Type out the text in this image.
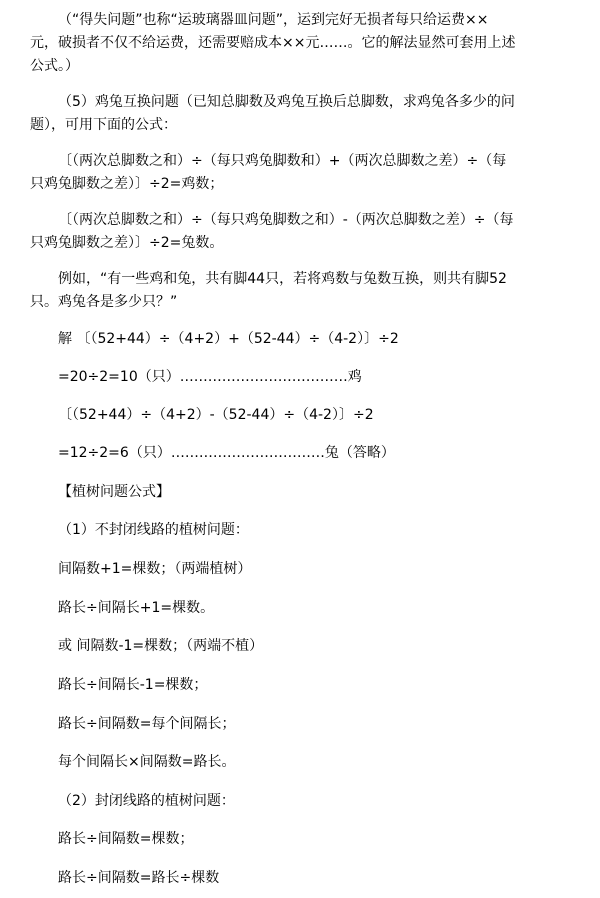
（“得失问题”也称“运玻璃器皿问题”，运到完好无损者每只给运费××
元，破损者不仅不给运费，还需要赔成本××元……。它的解法显然可套用上述
公式。）
（5）鸡兔互换问题（已知总脚数及鸡兔互换后总脚数，求鸡兔各多少的问
题），可用下面的公式：
〔（两次总脚数之和）÷（每只鸡兔脚数和）+（两次总脚数之差）÷（每
只鸡兔脚数之差）〕÷2=鸡数；
〔（两次总脚数之和）÷（每只鸡兔脚数之和）-（两次总脚数之差）÷（每
只鸡兔脚数之差）〕÷2=兔数。
例如，“有一些鸡和兔，共有脚44只，若将鸡数与兔数互换，则共有脚52
只。鸡兔各是多少只？”
解 〔（52+44）÷（4+2）+（52-44）÷（4-2）〕÷2
=20÷2=10（只）………………………………鸡
〔（52+44）÷（4+2）-（52-44）÷（4-2）〕÷2
=12÷2=6（只）……………………………兔（答略）
【植树问题公式】
（1）不封闭线路的植树问题：
间隔数+1=棵数；（两端植树）
路长÷间隔长+1=棵数。
或 间隔数-1=棵数；（两端不植）
路长÷间隔长-1=棵数；
路长÷间隔数=每个间隔长；
每个间隔长×间隔数=路长。
（2）封闭线路的植树问题：
路长÷间隔数=棵数；
路长÷间隔数=路长÷棵数
